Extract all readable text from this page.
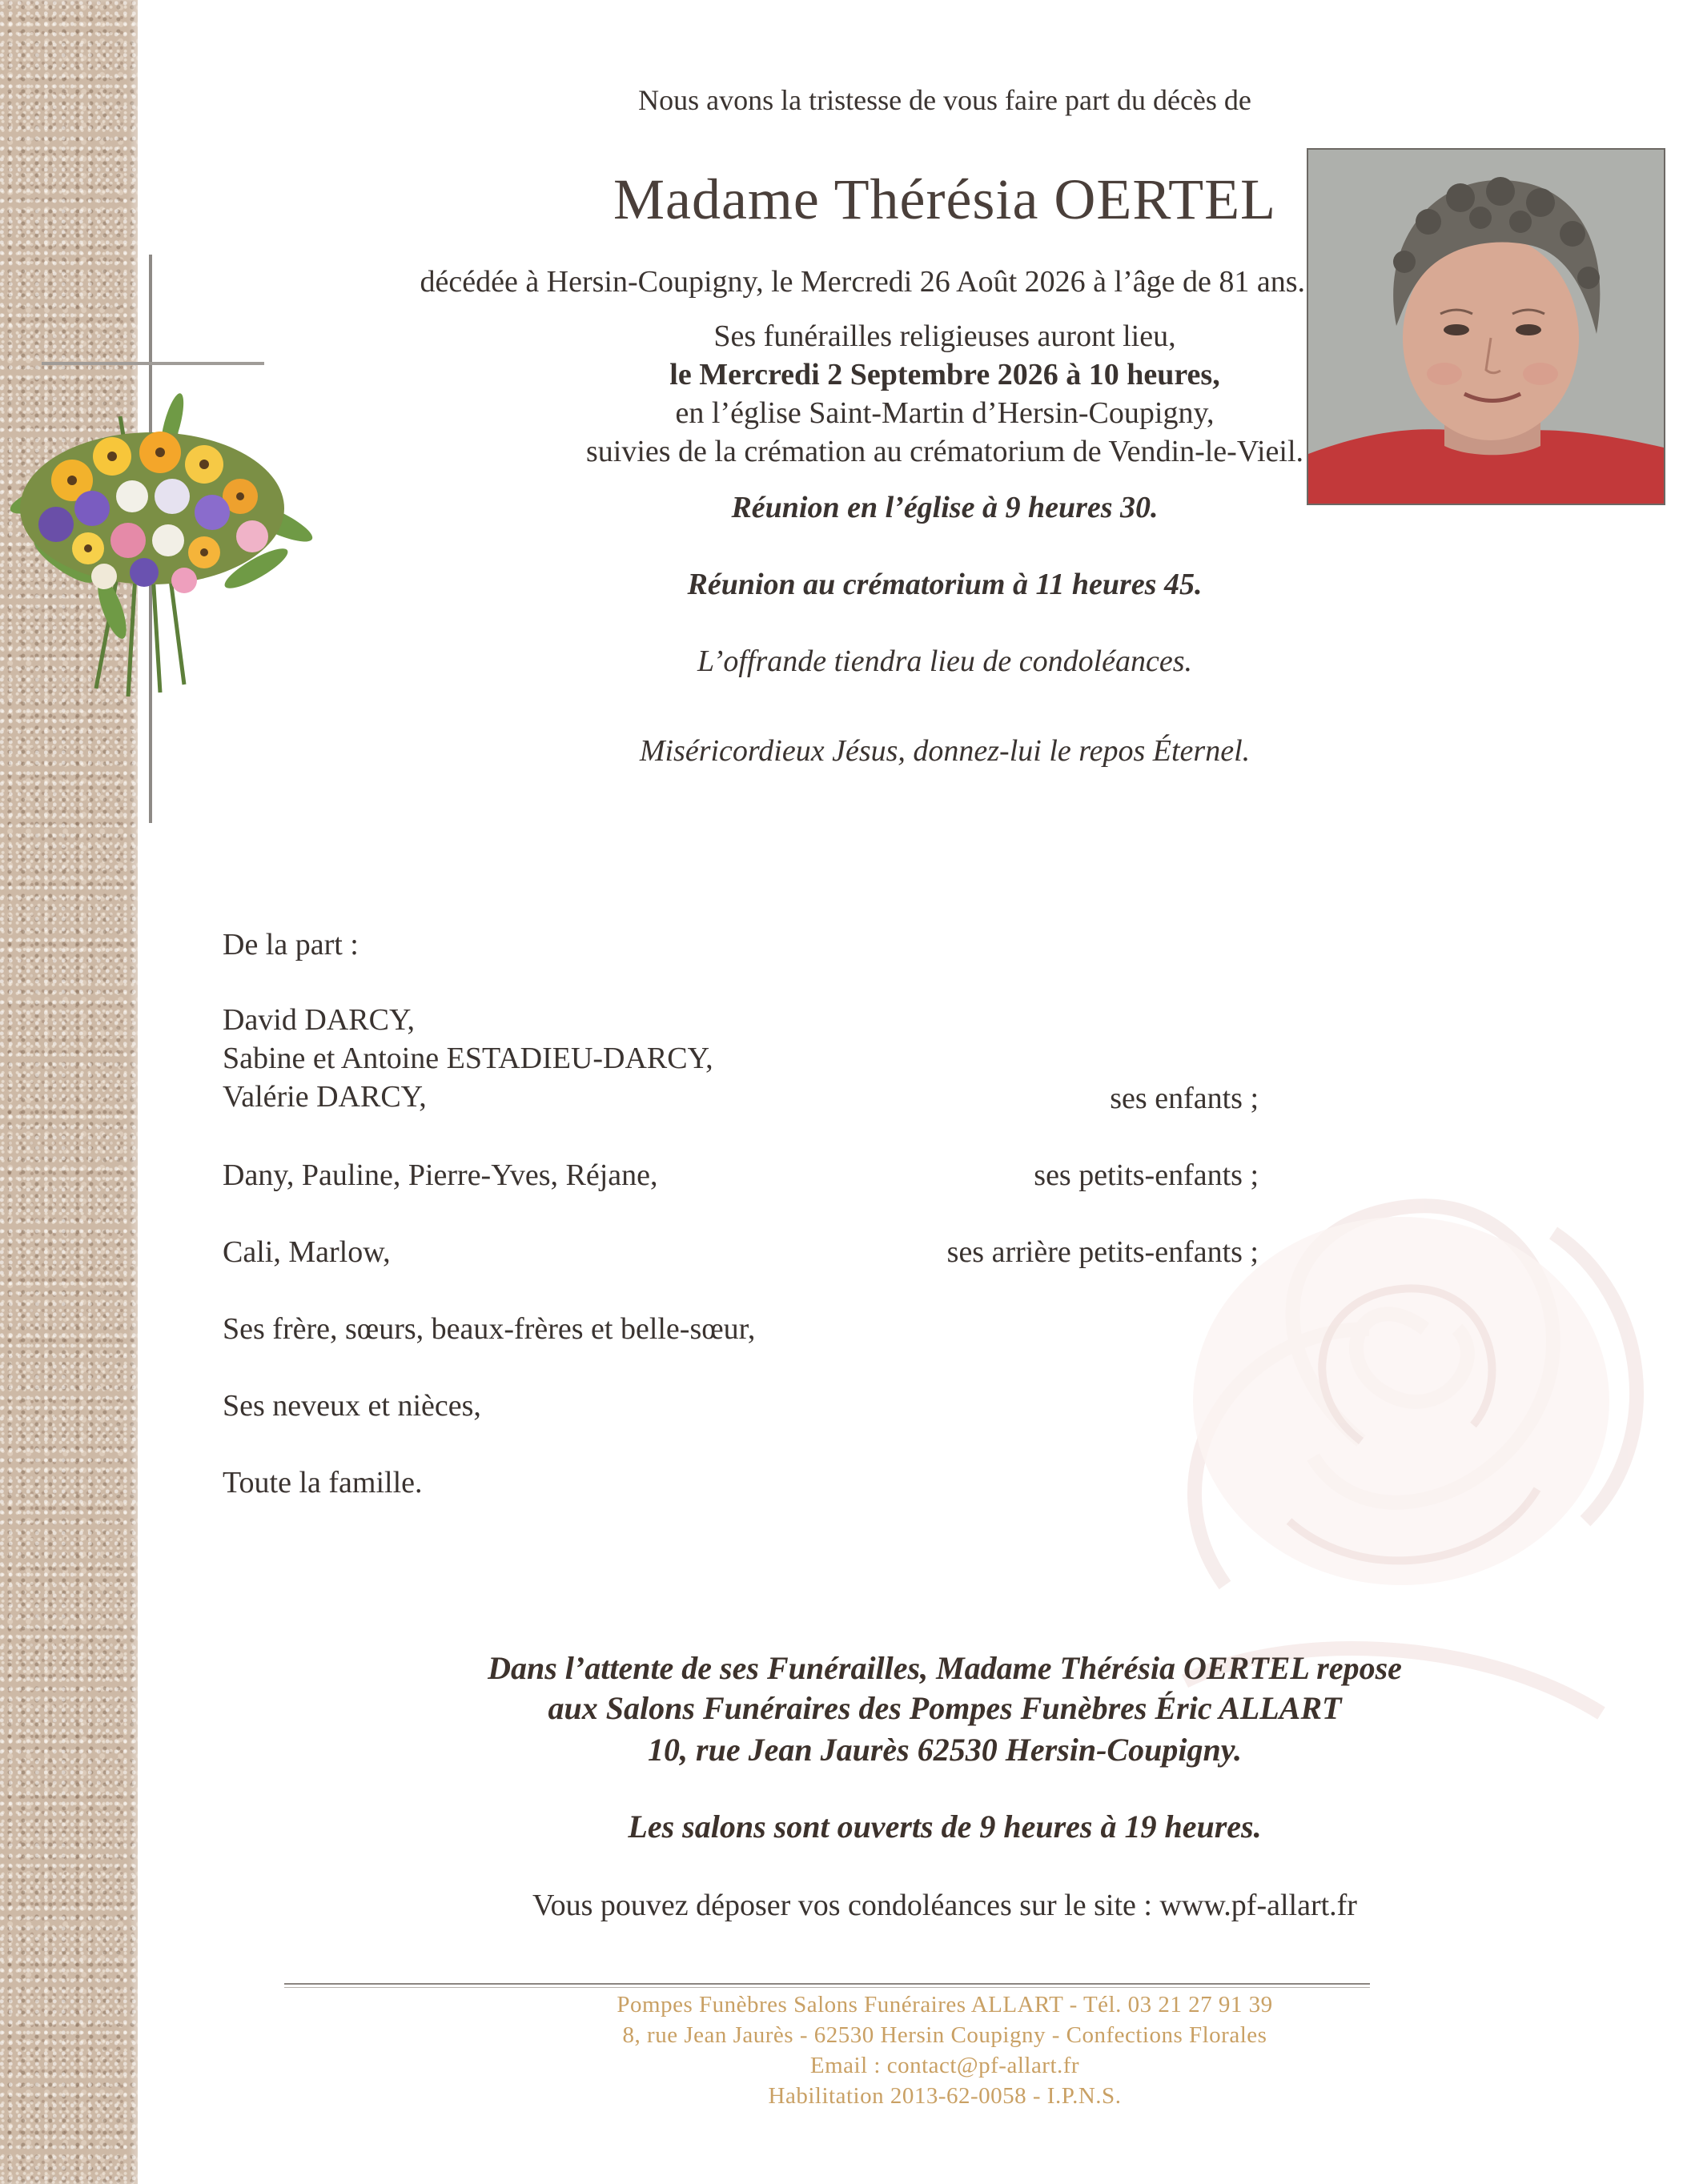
Nous avons la tristesse de vous faire part du décès de
Madame Thérésia OERTEL
décédée à Hersin-Coupigny, le Mercredi 26 Août 2026 à l’âge de 81 ans.
Ses funérailles religieuses auront lieu,
le Mercredi 2 Septembre 2026 à 10 heures,
en l’église Saint-Martin d’Hersin-Coupigny,
suivies de la crémation au crématorium de Vendin-le-Vieil.
Réunion en l’église à 9 heures 30.
Réunion au crématorium à 11 heures 45.
L’offrande tiendra lieu de condoléances.
Miséricordieux Jésus, donnez-lui le repos Éternel.
De la part :
David DARCY,
Sabine et Antoine ESTADIEU-DARCY,
Valérie DARCY,	ses enfants ;
Dany, Pauline, Pierre-Yves, Réjane,	ses petits-enfants ;
Cali, Marlow,	ses arrière petits-enfants ;
Ses frère, sœurs, beaux-frères et belle-sœur,
Ses neveux et nièces,
Toute la famille.
Dans l’attente de ses Funérailles, Madame Thérésia OERTEL repose
aux Salons Funéraires des Pompes Funèbres Éric ALLART
10, rue Jean Jaurès 62530 Hersin-Coupigny.
Les salons sont ouverts de 9 heures à 19 heures.
Vous pouvez déposer vos condoléances sur le site : www.pf-allart.fr
Pompes Funèbres Salons Funéraires ALLART - Tél. 03 21 27 91 39
8, rue Jean Jaurès - 62530 Hersin Coupigny - Confections Florales
Email : contact@pf-allart.fr
Habilitation 2013-62-0058 - I.P.N.S.
